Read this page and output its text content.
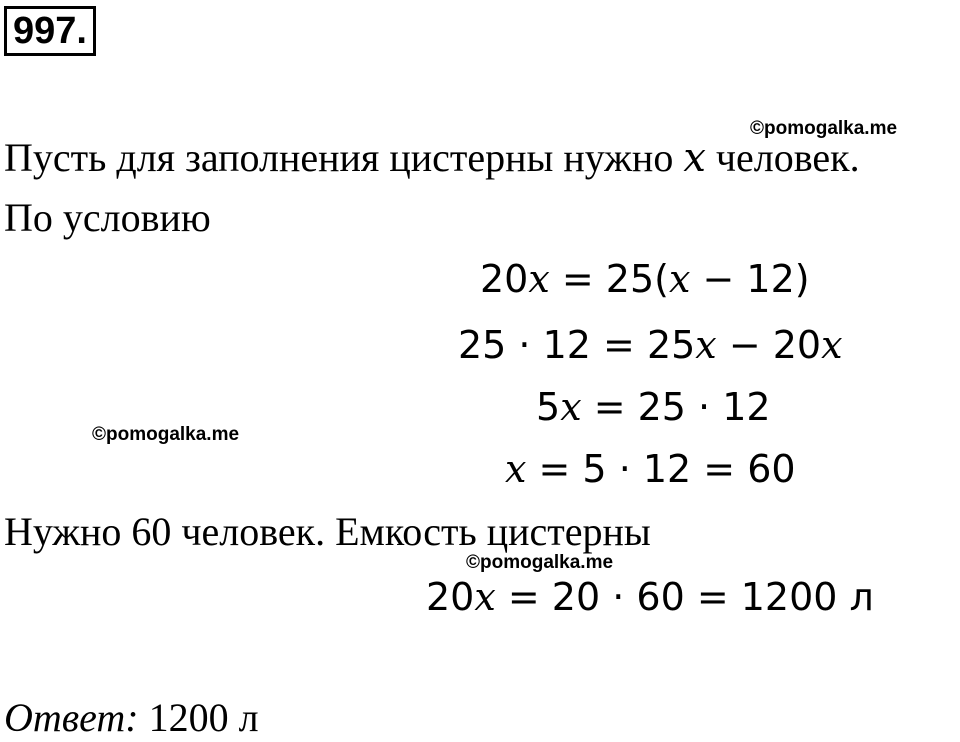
997.
©pomogalka.me
Пусть для заполнения цистерны нужно x человек.
По условию
20x = 25(x − 12)
25 · 12 = 25x − 20x
5x = 25 · 12
©pomogalka.me
x = 5 · 12 = 60
Нужно 60 человек. Емкость цистерны
©pomogalka.me
20x = 20 · 60 = 1200 л
Ответ: 1200 л
